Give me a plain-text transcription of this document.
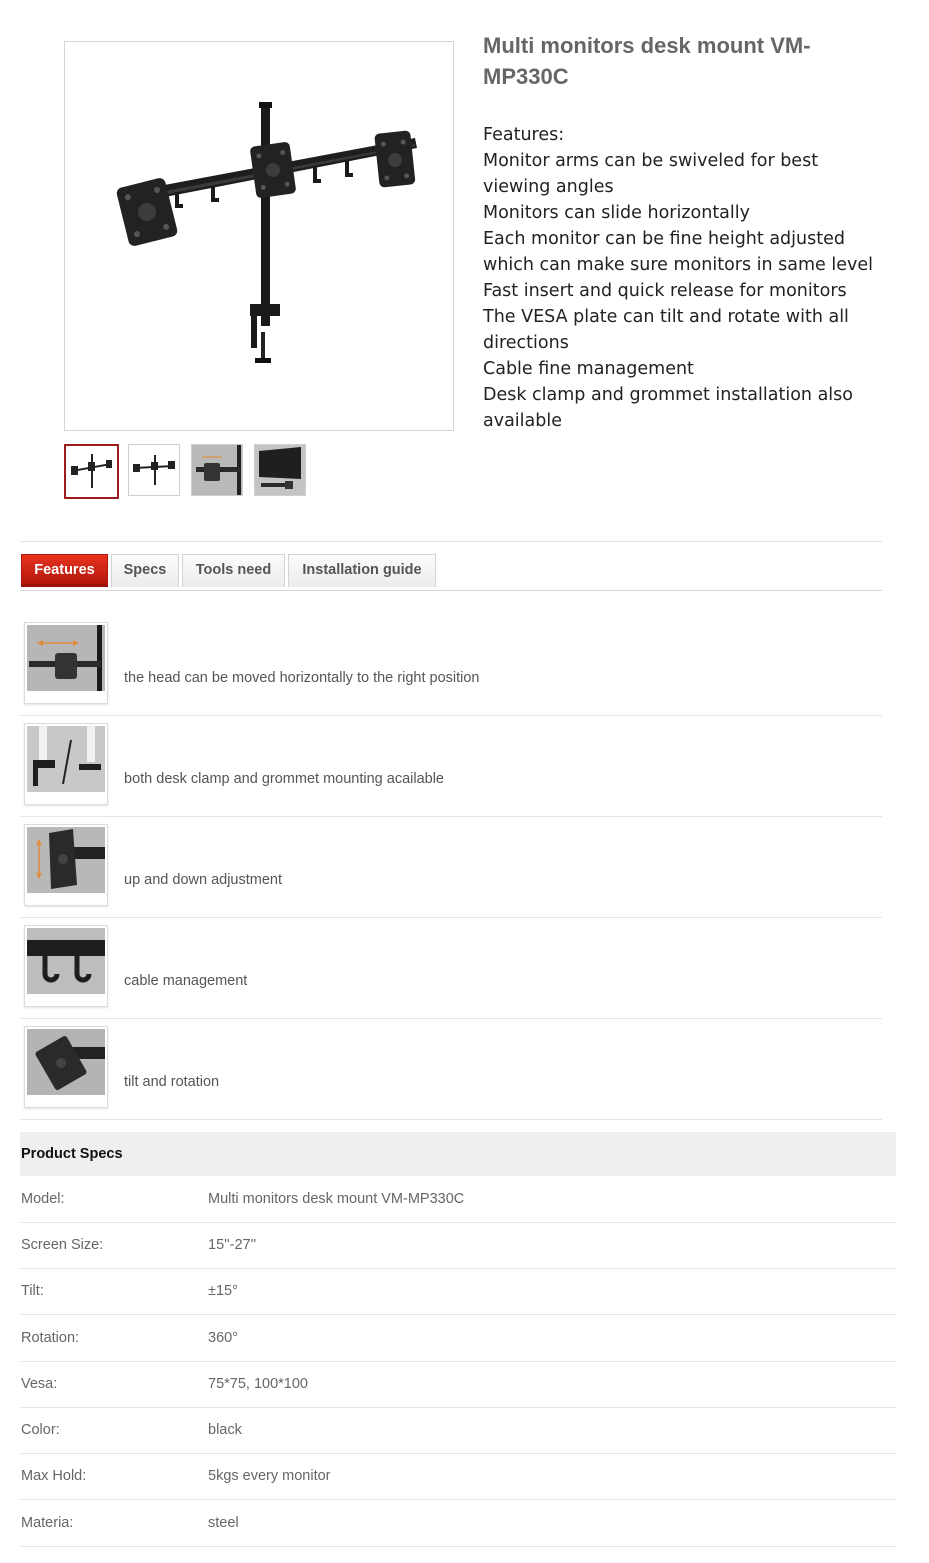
Multi monitors desk mount VM-MP330C
Features:
Monitor arms can be swiveled for best viewing angles
Monitors can slide horizontally
Each monitor can be fine height adjusted which can make sure monitors in same level
Fast insert and quick release for monitors
The VESA plate can tilt and rotate with all directions
Cable fine management
Desk clamp and grommet installation also available
Features	Specs	Tools need	Installation guide
the head can be moved horizontally to the right position
both desk clamp and grommet mounting acailable
up and down adjustment
cable management
tilt and rotation
Product Specs
Model:	Multi monitors desk mount VM-MP330C
Screen Size:	15''-27''
Tilt:	±15°
Rotation:	360°
Vesa:	75*75, 100*100
Color:	black
Max Hold:	5kgs every monitor
Materia:	steel
